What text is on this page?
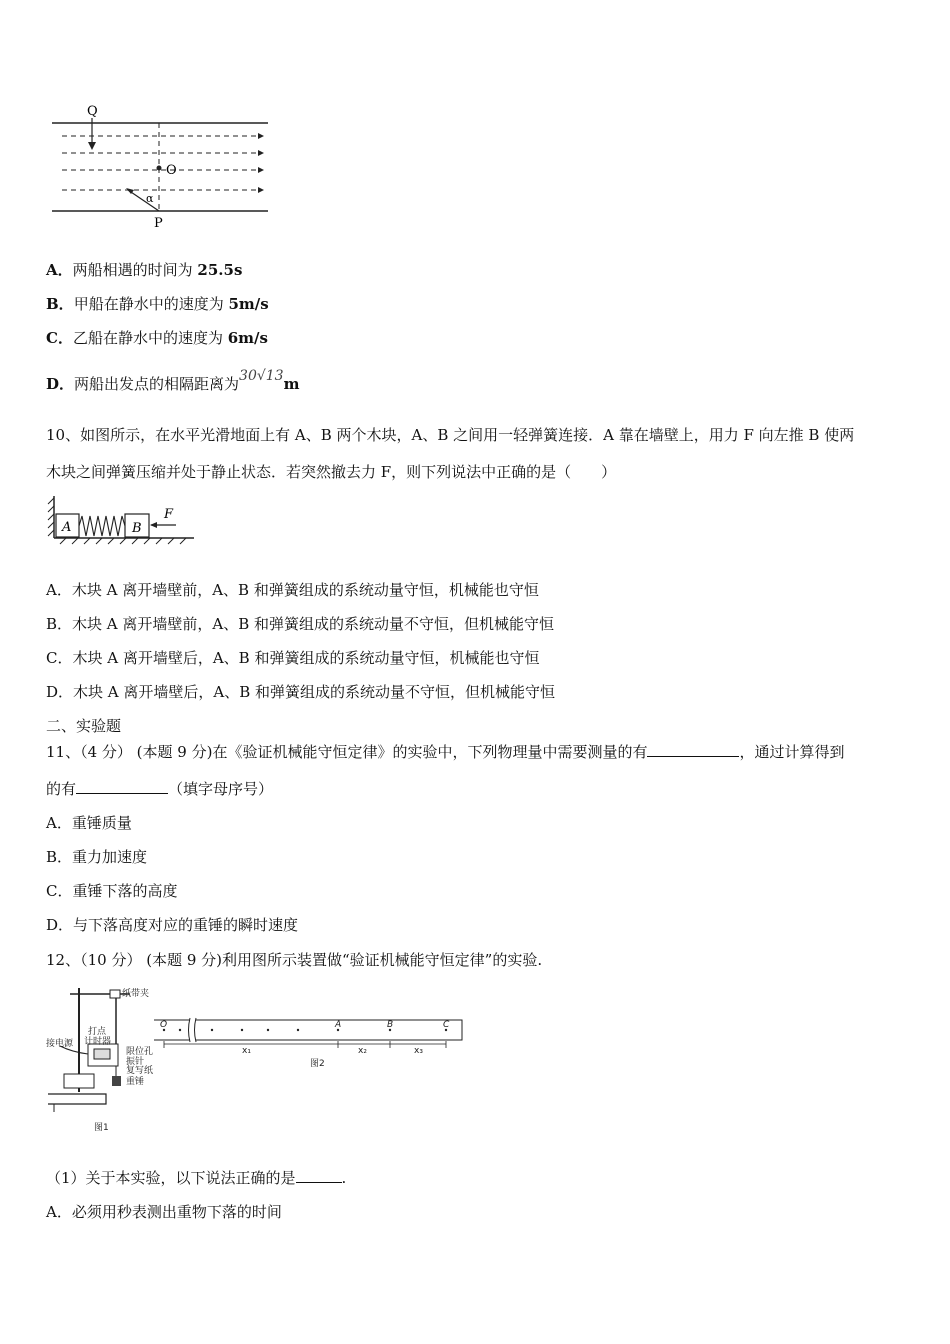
Q
O
P
α
A．两船相遇的时间为 25.5s
B．甲船在静水中的速度为 5m/s
C．乙船在静水中的速度为 6m/s
D．两船出发点的相隔距离为30√13m
10、如图所示，在水平光滑地面上有 A、B 两个木块，A、B 之间用一轻弹簧连接．A 靠在墙壁上，用力 F 向左推 B 使两
木块之间弹簧压缩并处于静止状态．若突然撤去力 F，则下列说法中正确的是（　　）
A	B
F
A．木块 A 离开墙壁前，A、B 和弹簧组成的系统动量守恒，机械能也守恒
B．木块 A 离开墙壁前，A、B 和弹簧组成的系统动量不守恒，但机械能守恒
C．木块 A 离开墙壁后，A、B 和弹簧组成的系统动量守恒，机械能也守恒
D．木块 A 离开墙壁后，A、B 和弹簧组成的系统动量不守恒，但机械能守恒
二、实验题
11、（4 分） (本题 9 分)在《验证机械能守恒定律》的实验中，下列物理量中需要测量的有	，通过计算得到
的有	（填字母序号）
A．重锤质量
B．重力加速度
C．重锤下落的高度
D．与下落高度对应的重锤的瞬时速度
12、（10 分） (本题 9 分)利用图所示装置做“验证机械能守恒定律”的实验.
纸带夹
打点
计时器
接电源
限位孔
振针
复写纸
重锤
图1
O	A	B	C
x₁	x₂	x₃
图2
（1）关于本实验，以下说法正确的是	.
A．必须用秒表测出重物下落的时间
